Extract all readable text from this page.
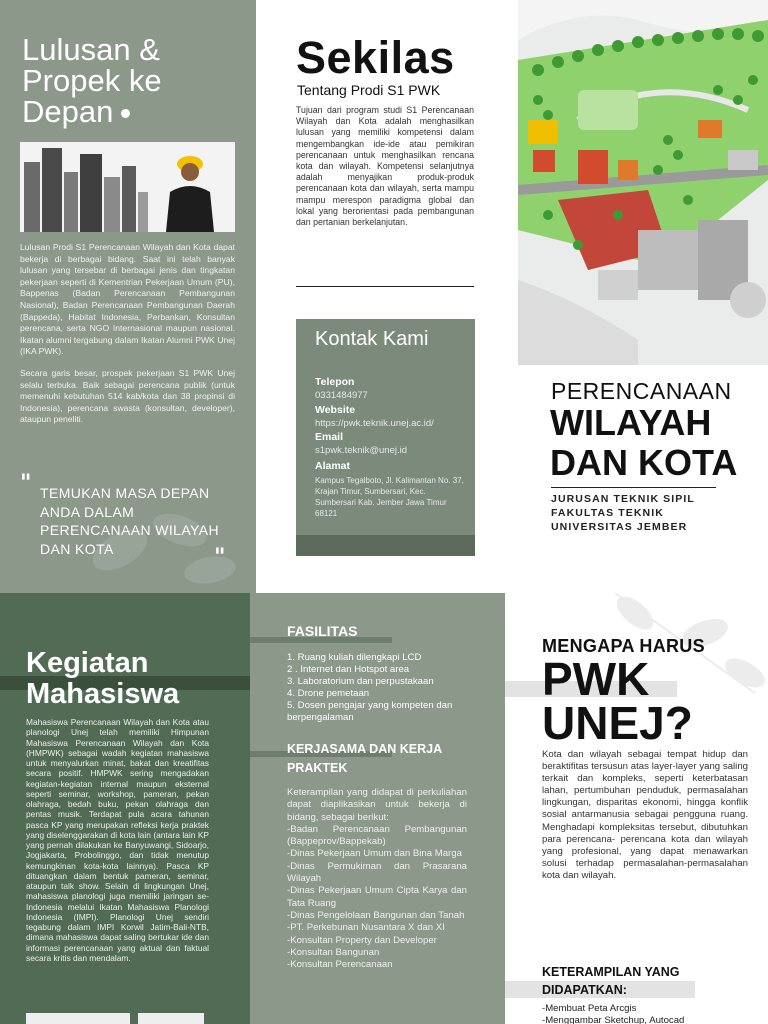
Lulusan & Propek ke Depan

Lulusan Prodi S1 Perencanaan Wilayah dan Kota dapat bekerja di berbagai bidang. Saat ini telah banyak lulusan yang tersebar di berbagai jenis dan tingkatan pekerjaan seperti di Kementrian Pekerjaan Umum (PU), Bappenas (Badan Perencanaan Pembangunan Nasional), Badan Perencanaan Pembangunan Daerah (Bappeda), Habitat Indonesia, Perbankan, Konsultan perencana, serta NGO Internasional maupun nasional. Ikatan alumni tergabung dalam Ikatan Alumni PWK Unej (IKA PWK).

Secara garis besar, prospek pekerjaan S1 PWK Unej selalu terbuka. Baik sebagai perencana publik (untuk memenuhi kebutuhan 514 kab/kota dan 38 propinsi di Indonesia), perencana swasta (konsultan, developer), ataupun peneliti.

" TEMUKAN MASA DEPAN ANDA DALAM PERENCANAAN WILAYAH DAN KOTA	"
Sekilas
Tentang Prodi S1 PWK
Tujuan dari program studi S1 Perencanaan Wilayah dan Kota adalah menghasilkan lulusan yang memiliki kompetensi dalam mengembangkan ide-ide atau pemikiran perencanaan untuk menghasilkan rencana kota dan wilayah. Kompetensi selanjutnya adalah menyajikan produk-produk perencanaan kota dan wilayah, serta mampu mampu merespon paradigma global dan lokal yang berorientasi pada pembangunan dan pertanian berkelanjutan.
Kontak Kami
Telepon
0331484977
Website
https://pwk.teknik.unej.ac.id/
Email
s1pwk.teknik@unej.id
Alamat
Kampus Tegalboto, Jl. Kalimantan No. 37, Krajan Timur, Sumbersari, Kec. Sumbersari Kab. Jember Jawa Timur 68121
PERENCANAAN
WILAYAH
DAN KOTA
JURUSAN TEKNIK SIPIL
FAKULTAS TEKNIK
UNIVERSITAS JEMBER
Kegiatan Mahasiswa
Mahasiswa Perencanaan Wilayah dan Kota atau planologi Unej telah memiliki Himpunan Mahasiswa Perencanaan Wilayah dan Kota (HMPWK) sebagai wadah kegiatan mahasiswa untuk menyalurkan minat, bakat dan kreatifitas secara positif. HMPWK sering mengadakan kegiatan-kegiatan internal maupun eksternal seperti seminar, workshop, pameran, pekan olahraga, bedah buku, pekan olahraga dan pentas musik. Terdapat pula acara tahunan pasca KP yang merupakan refleksi kerja praktek yang diselenggarakan di kota lain (antara lain KP yang pernah dilakukan ke Banyuwangi, Sidoarjo, Jogjakarta, Probolinggo, dan tidak menutup kemungkinan kota-kota lainnya). Pasca KP dituangkan dalam bentuk pameran, seminar, ataupun talk show. Selain di lingkungan Unej, mahasiswa planologi juga memiliki jaringan se-Indonesia melalui Ikatan Mahasiswa Planologi Indonesia (IMPI). Planologi Unej sendiri tegabung dalam IMPI Korwil Jatim-Bali-NTB, dimana mahasiswa dapat saling bertukar ide dan informasi perencanaan yang aktual dan faktual secara kritis dan mendalam.
FASILITAS
1. Ruang kuliah dilengkapi LCD
2 . Internet dan Hotspot area
3. Laboratorium dan perpustakaan
4. Drone pemetaan
5. Dosen pengajar yang kompeten dan berpengalaman
KERJASAMA DAN KERJA PRAKTEK
Keterampilan yang didapat di perkuliahan dapat diaplikasikan untuk bekerja di bidang, sebagai berikut:
-Badan Perencanaan Pembangunan (Bappeprov/Bappekab)
-Dinas Pekerjaan Umum dan Bina Marga
-Dinas Permukiman dan Prasarana Wilayah
-Dinas Pekerjaan Umum Cipta Karya dan Tata Ruang
-Dinas Pengelolaan Bangunan dan Tanah
-PT. Perkebunan Nusantara X dan XI
-Konsultan Property dan Developer
-Konsultan Bangunan
-Konsultan Perencanaan
MENGAPA HARUS
PWK
UNEJ?
Kota dan wilayah sebagai tempat hidup dan beraktifitas tersusun atas layer-layer yang saling terkait dan kompleks, seperti keterbatasan lahan, pertumbuhan penduduk, permasalahan lingkungan, disparitas ekonomi, hingga konflik sosial antarmanusia sebagai pengguna ruang. Menghadapi kompleksitas tersebut, dibutuhkan para perencana- perencana kota dan wilayah yang profesional, yang dapat menawarkan solusi terhadap permasalahan-permasalahan kota dan wilayah.
KETERAMPILAN YANG DIDAPATKAN:
-Membuat Peta Arcgis
-Menggambar Sketchup, Autocad
